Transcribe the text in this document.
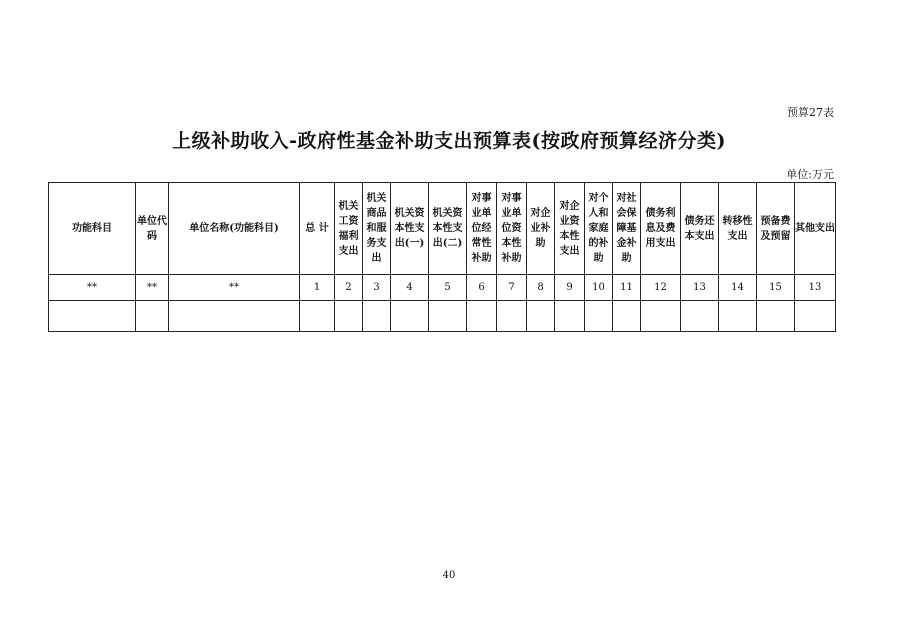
预算27表
上级补助收入-政府性基金补助支出预算表(按政府预算经济分类)
单位:万元
功能科目	单位代
码	单位名称(功能科目)	总 计	机关
工资
福利
支出	机关
商品
和服
务支
出	机关资
本性支
出(一)	机关资
本性支
出(二)	对事
业单
位经
常性
补助	对事
业单
位资
本性
补助	对企
业补
助	对企
业资
本性
支出	对个
人和
家庭
的补
助	对社
会保
障基
金补
助	债务利
息及费
用支出	债务还
本支出	转移性
支出	预备费
及预留	其他支出

**	**	**	1	2	3	4	5	6	7	8	9	10	11	12	13	14	15	13

40
